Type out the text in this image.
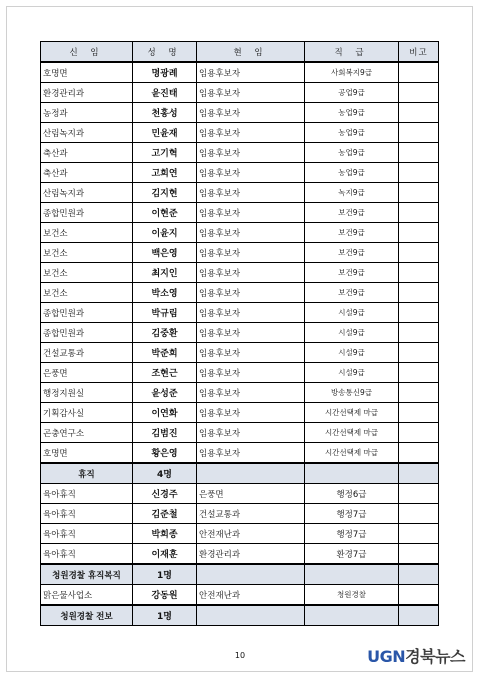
신 임	성 명	현 임	직 급	비고
호명면	명광례	임용후보자	사회복지9급	
환경관리과	윤진태	임용후보자	공업9급	
농정과	천홍성	임용후보자	농업9급	
산림녹지과	민윤재	임용후보자	농업9급	
축산과	고기혁	임용후보자	농업9급	
축산과	고희연	임용후보자	농업9급	
산림녹지과	김지현	임용후보자	녹지9급	
종합민원과	이현준	임용후보자	보건9급	
보건소	이윤지	임용후보자	보건9급	
보건소	백은영	임용후보자	보건9급	
보건소	최지인	임용후보자	보건9급	
보건소	박소영	임용후보자	보건9급	
종합민원과	박규림	임용후보자	시설9급	
종합민원과	김중환	임용후보자	시설9급	
건설교통과	박준희	임용후보자	시설9급	
은풍면	조현근	임용후보자	시설9급	
행정지원실	윤성준	임용후보자	방송통신9급	
기획감사실	이연화	임용후보자	시간선택제 마급	
곤충연구소	김범진	임용후보자	시간선택제 마급	
호명면	황은영	임용후보자	시간선택제 마급	
휴직	4명			
육아휴직	신경주	은풍면	행정6급	
육아휴직	김준철	건설교통과	행정7급	
육아휴직	박희종	안전재난과	행정7급	
육아휴직	이재훈	환경관리과	환경7급	
청원경찰 휴직복직	1명			
맑은물사업소	강동원	안전재난과	청원경찰	
청원경찰 전보	1명			
10	UGN경북뉴스
